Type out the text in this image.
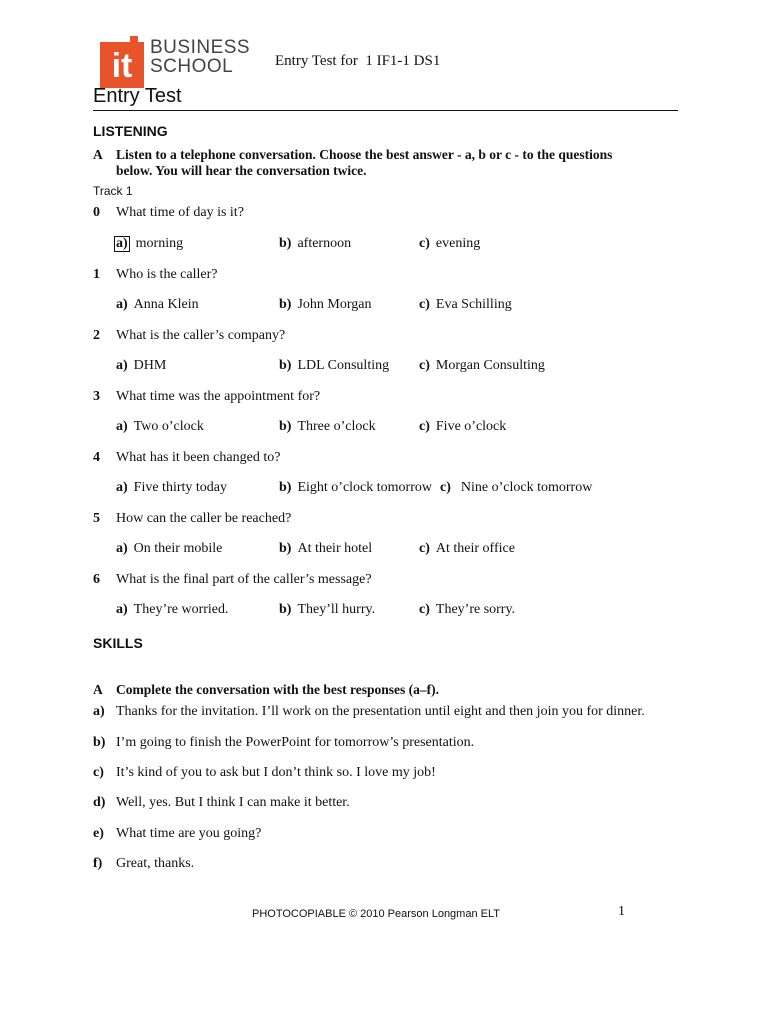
it BUSINESS
SCHOOL	Entry Test for  1 IF1-1 DS1
Entry Test
LISTENING
A Listen to a telephone conversation. Choose the best answer - a, b or c - to the questions
below. You will hear the conversation twice.
Track 1
0 What time of day is it?
a) morning	b) afternoon	c) evening
1 Who is the caller?
a) Anna Klein	b) John Morgan	c) Eva Schilling
2 What is the caller’s company?
a) DHM	b) LDL Consulting c) Morgan Consulting
3 What time was the appointment for?
a) Two o’clock	b) Three o’clock	c) Five o’clock
4 What has it been changed to?
a) Five thirty today	b) Eight o’clock tomorrow c) Nine o’clock tomorrow
5 How can the caller be reached?
a) On their mobile	b) At their hotel	c) At their office
6 What is the final part of the caller’s message?
a) They’re worried.	b) They’ll hurry.	c) They’re sorry.
SKILLS
A Complete the conversation with the best responses (a–f).
a) Thanks for the invitation. I’ll work on the presentation until eight and then join you for dinner.
b) I’m going to finish the PowerPoint for tomorrow’s presentation.
c) It’s kind of you to ask but I don’t think so. I love my job!
d) Well, yes. But I think I can make it better.
e) What time are you going?
f) Great, thanks.
PHOTOCOPIABLE © 2010 Pearson Longman ELT	1
